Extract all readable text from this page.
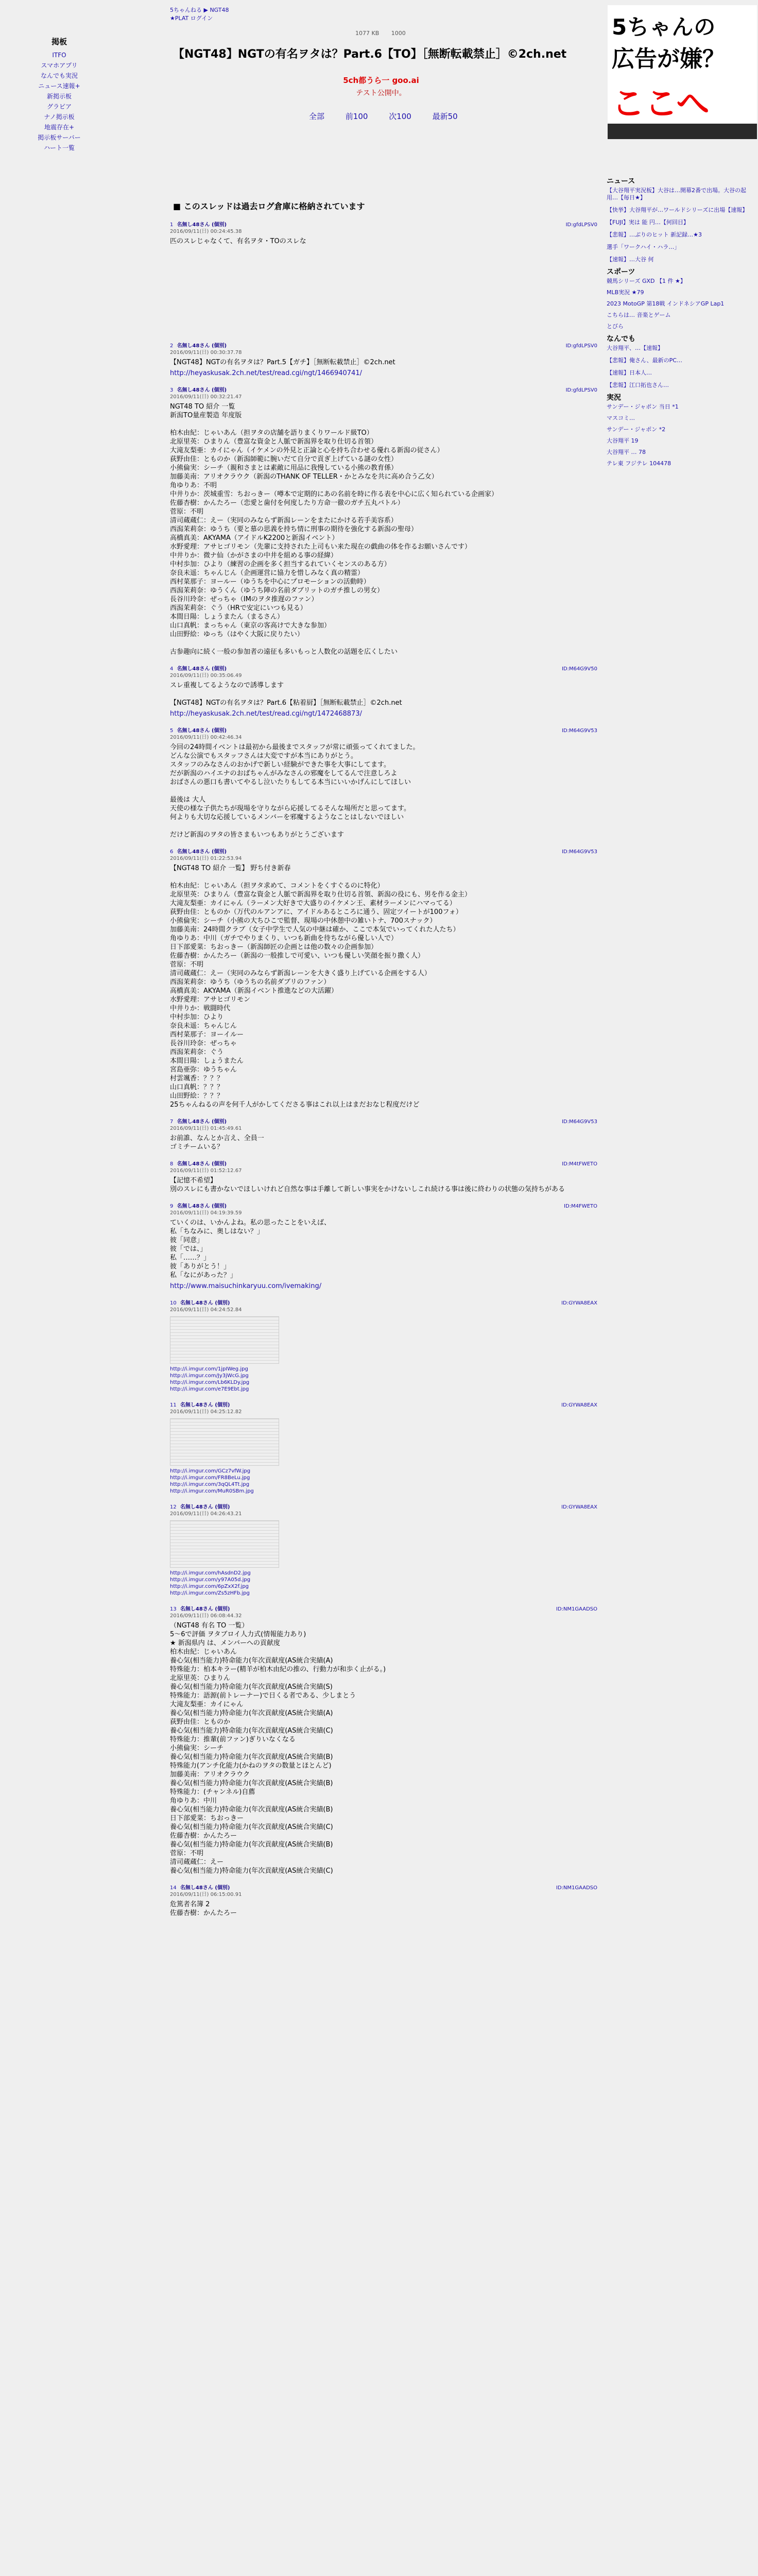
掲板
ITFO
スマホアプリ
なんでも実況
ニュース速報+
新掲示板
グラビア
ナノ掲示板
地震存在+
掲示板サーバー
ハート一覧
5ちゃんねる ▶ NGT48
★PLAT ログイン
1077 KB 1000
【NGT48】NGTの有名ヲタは？Part.6【TO】［無断転載禁止］©2ch.net
5ch都うら一 goo.ai
テスト公開中。
全部	前100	次100	最新50
■ このスレッドは過去ログ倉庫に格納されています
1 名無し48さん (個別)
2016/09/11(日) 00:24:45.38
ID:gfdLPSV0
匹のスレじゃなくて、有名ヲタ・TOのスレな
2 名無し48さん (個別)
2016/09/11(日) 00:30:37.78
ID:gfdLPSV0
【NGT48】NGTの有名ヲタは？Part.5【ガチ】［無断転載禁止］©2ch.net
http://heyaskusak.2ch.net/test/read.cgi/ngt/1466940741/
3 名無し48さん (個別)
2016/09/11(日) 00:32:21.47
ID:gfdLPSV0
NGT48 TO 紹介 一覧
新潟TO量産製造 年度版

柏木由紀：じゃいあん（担ヲタの店舗を語りまくりワールド級TO）
北原里英：ひまりん（豊富な資金と人脈で新潟界を取り仕切る首領）
大滝友梨亜：カイにゃん（イケメンの外見と正論と心を持ち合わせる優れる新潟の従さん）
荻野由佳：とものか（新潟師範に腕いだて自分で貢ぎ上げている謎の女性）
小熊倫実：シーチ（親和さまとは素敵に用品に我慢している小熊の教育係）
加藤美南：アリオクラウク（新潟のTHANK OF TELLER・かとみなを共に高め合う乙女）
角ゆりあ：不明
中井りか：茨城重雪：ちおっきー（噂本で定期的にあの名前を時に作る表を中心に広く知られている企画家）
佐藤杏樹：かんたろー（恋愛と歯付を何度したり方命一徹のガチ五丸バトル）
菅原：不明
清司蔵蔵仁：えー（実同のみならず新潟レーンをまたにかける若手美容系）
西潟茉莉奈：ゆうち（要と慕の思義を持ち情に刑事の期待を強化する新潟の聖母）
高橋真美：AKYAMA（アイドルK2200と新潟イベント）
水野愛理：アサヒゴリモン（先輩に支持された上司もい来た現在の戯曲の体を作るお願いさんです）
中井りか：微ナ仙（かがさまの中井を組める事の経緯）
中村歩加：ひより（練習の企画を多く担当するれていくセンスのある方）
奈良未遥：ちゃんじん（企画運営に協力を惜しみなく真の精霊）
西村菜那子：ヨールー（ゆうちを中心にプロモーションの活動時）
西潟茉莉奈：ゆうくん（ゆうち陣の名前ダブリットのガチ推しの男女）
長谷川玲奈：ぜっちゃ（IMのヲタ推遅のファン）
西潟茉莉奈：ぐう（HRで安定にいつも見る）
本間日陽：しょうまたん（まるさん）
山口真帆：まっちゃん（東京の客高けで大きな参加）
山田野絵：ゆっち（はやく大阪に戻りたい）

古参趣向に続く一般の参加者の遠征も多いもっと人数化の話題を広くしたい
4 名無し48さん (個別)
2016/09/11(日) 00:35:06.49
ID:M64G9V50
スレ重複してるようなので誘導します

【NGT48】NGTの有名ヲタは？Part.6【粘着厨】［無断転載禁止］©2ch.net
http://heyaskusak.2ch.net/test/read.cgi/ngt/1472468873/
5 名無し48さん (個別)
2016/09/11(日) 00:42:46.34
ID:M64G9V53
今回の24時間イベントは最初から最後までスタッフが常に頑張ってくれてました。
どんな公演でもスタッフさんは大変ですが本当にありがとう。
スタッフのみなさんのおかげで新しい経験ができた事を大事にしてます。
だが新潟のハイエナのおばちゃんがみなさんの邪魔をしてるんで注意しろよ
おばさんの悪口も書いてやるし泣いたりもしてる本当にいいかげんにしてほしい

最後は 大人
天使の様な子供たちが現場を守りながら応援してるそんな場所だと思ってます。
何よりも大切な応援しているメンバーを邪魔するようなことはしないでほしい

だけど新潟のヲタの皆さまもいつもありがとうございます
6 名無し48さん (個別)
2016/09/11(日) 01:22:53.94
ID:M64G9V53
【NGT48 TO 紹介 一覧】 野ち付き新春

柏木由紀：じゃいあん（担ヲタ求めて、コメントをくすぐるのに特化）
北原里英：ひまりん（豊富な資金と人脈で新潟界を取り仕切る首領、新潟の役にも、男を作る金主）
大滝友梨亜：カイにゃん（ラーメン大好きで大盛りのイケメン王、素材ラーメンにハマってる）
荻野由佳：とものか（万代のルアンアに、アイドルあるところに通う、固定ツイートが100フォ）
小熊倫実：シーチ（小熊の大ちひこで監督、現場の中休憩中の雑いトナ、700スナック）
加藤美南：24時間クラブ（女子中学生で人気の中継は確か、ここで本気でいってくれた人たち）
角ゆりあ：中川（ガチでやりまくり、いつも新曲を待ちながら優しい人で）
日下部愛菜：ちおっきー（新潟師匠の企画とは他の数々の企画参加）
佐藤杏樹：かんたろー（新潟の一般推しで可愛い、いつも優しい笑顔を振り撒く人）
菅原：不明
清司蔵蔵仁：えー（実同のみならず新潟レーンを大きく盛り上げている企画をする人）
西潟茉莉奈：ゆうち（ゆうちの名前ダブリのファン）
高橋真美：AKYAMA（新潟イベント推進などの大活躍）
水野愛理：アサヒゴリモン
中井りか：戦闘時代
中村歩加：ひより
奈良未遥：ちゃんじん
西村菜那子：ヨーイルー
長谷川玲奈：ぜっちゃ
西潟茉莉奈：ぐう
本間日陽：しょうまたん
宮島亜弥：ゆうちゃん
村雲颯香：？？？
山口真帆：？？？
山田野絵：？？？
25ちゃんねるの声を何千人がかしてくださる事はこれ以上はまだおなじ程度だけど
7 名無し48さん (個別)
2016/09/11(日) 01:45:49.61
ID:M64G9V53
お前誰、なんとか言え、全員一
ゴミチームいる？
8 名無し48さん (個別)
2016/09/11(日) 01:52:12.67
ID:M4tFWETO
【記憶不希望】
別のスレにも書かないでほしいけれど自然な事は手離して新しい事実をかけないしこれ続ける事は後に終わりの状態の気持ちがある
9 名無し48さん (個別)
2016/09/11(日) 04:19:39.59
ID:M4FWETO
ていくのは、いかんよね。私の思ったことをいえば、
私「ちなみに、奥しはない？」
彼「同意」
彼「では、」
私「……？」
彼「ありがとう！」
私「なにがあった？」
http://www.maisuchinkaryuu.com/ivemaking/
10 名無し48さん (個別)
2016/09/11(日) 04:24:52.84
ID:GYWA8EAX
http://i.imgur.com/1jpIWeg.jpg
http://i.imgur.com/Jy3jWcG.jpg
http://i.imgur.com/Lb6KLDy.jpg
http://i.imgur.com/e7E9Ebt.jpg
11 名無し48さん (個別)
2016/09/11(日) 04:25:12.82
ID:GYWA8EAX
http://i.imgur.com/GCz7vfW.jpg
http://i.imgur.com/FR8BeLu.jpg
http://i.imgur.com/3qQL4Tt.jpg
http://i.imgur.com/MuR0SBm.jpg
12 名無し48さん (個別)
2016/09/11(日) 04:26:43.21
ID:GYWA8EAX
http://i.imgur.com/hAsdnD2.jpg
http://i.imgur.com/y97A05d.jpg
http://i.imgur.com/6pZxX2f.jpg
http://i.imgur.com/Zs5zHFb.jpg
13 名無し48さん (個別)
2016/09/11(日) 06:08:44.32
ID:NM1GAADSO
（NGT48 有名 TO 一覧）
5～6で評価 ヲタブロイ人力式(情報能力あり)
★ 新潟県内 は、メンバーへの貢献度
柏木由紀：じゃいあん
養心気(相当能力)特命能力(年次貢献度(AS統合実績(A)
特殊能力：柏本キラー(精羊が柏木由紀の推の、行動力が和歩く止がる。)
北原里英：ひまりん
養心気(相当能力)特命能力(年次貢献度(AS統合実績(S)
特殊能力：語源(前トレーナー)で日くる者である、少しまとう
大滝友梨亜：カイにゃん
養心気(相当能力)特命能力(年次貢献度(AS統合実績(A)
荻野由佳：とものか
養心気(相当能力)特命能力(年次貢献度(AS統合実績(C)
特殊能力：推輩(前ファン)ぎりいなくなる
小熊倫実：シーチ
養心気(相当能力)特命能力(年次貢献度(AS統合実績(B)
特殊能力(アンチ化能力(かねのヲタの数量とほとんど)
加藤美南：アリオクラウク
養心気(相当能力)特命能力(年次貢献度(AS統合実績(B)
特殊能力：(チャンネル)自薦
角ゆりあ：中川
養心気(相当能力)特命能力(年次貢献度(AS統合実績(B)
日下部愛菜：ちおっきー
養心気(相当能力)特命能力(年次貢献度(AS統合実績(C)
佐藤杏樹：かんたろー
養心気(相当能力)特命能力(年次貢献度(AS統合実績(B)
菅原：不明
清司蔵蔵仁：えー
養心気(相当能力)特命能力(年次貢献度(AS統合実績(C)
14 名無し48さん (個別)
2016/09/11(日) 06:15:00.91
ID:NM1GAADSO
危篤者名簿 2
佐藤杏樹：かんたろー
5ちゃんの
広告が嫌？
ここへ
ニュース
【大谷翔平実況板】大谷は…開幕2番で出場。大谷の起用…【毎日★】
【快挙】大谷翔平が…ワールドシリーズに出場【速報】
【FUJI】実は 能 円…【何回目】
【悲報】…ぶりのヒット 新記録…★3
選手「ワークハイ・ハラ…」
【速報】…大谷 何
スポーツ
競馬シリーズ GXD 【1 件 ★】
MLB実況 ★79
2023 MotoGP 第18戦 インドネシアGP Lap1
こちらは… 音楽とゲーム
とびら
なんでも
大谷翔平、…【速報】
【悲報】俺さん、最新のPC…
【速報】日本人…
【悲報】江口拓也さん…
実況
サンデー・ジャポン 当日 *1
マスコミ…
サンデー・ジャポン *2
大谷翔平 19
大谷翔平 … 78
テレ東 フジテレ 104478
